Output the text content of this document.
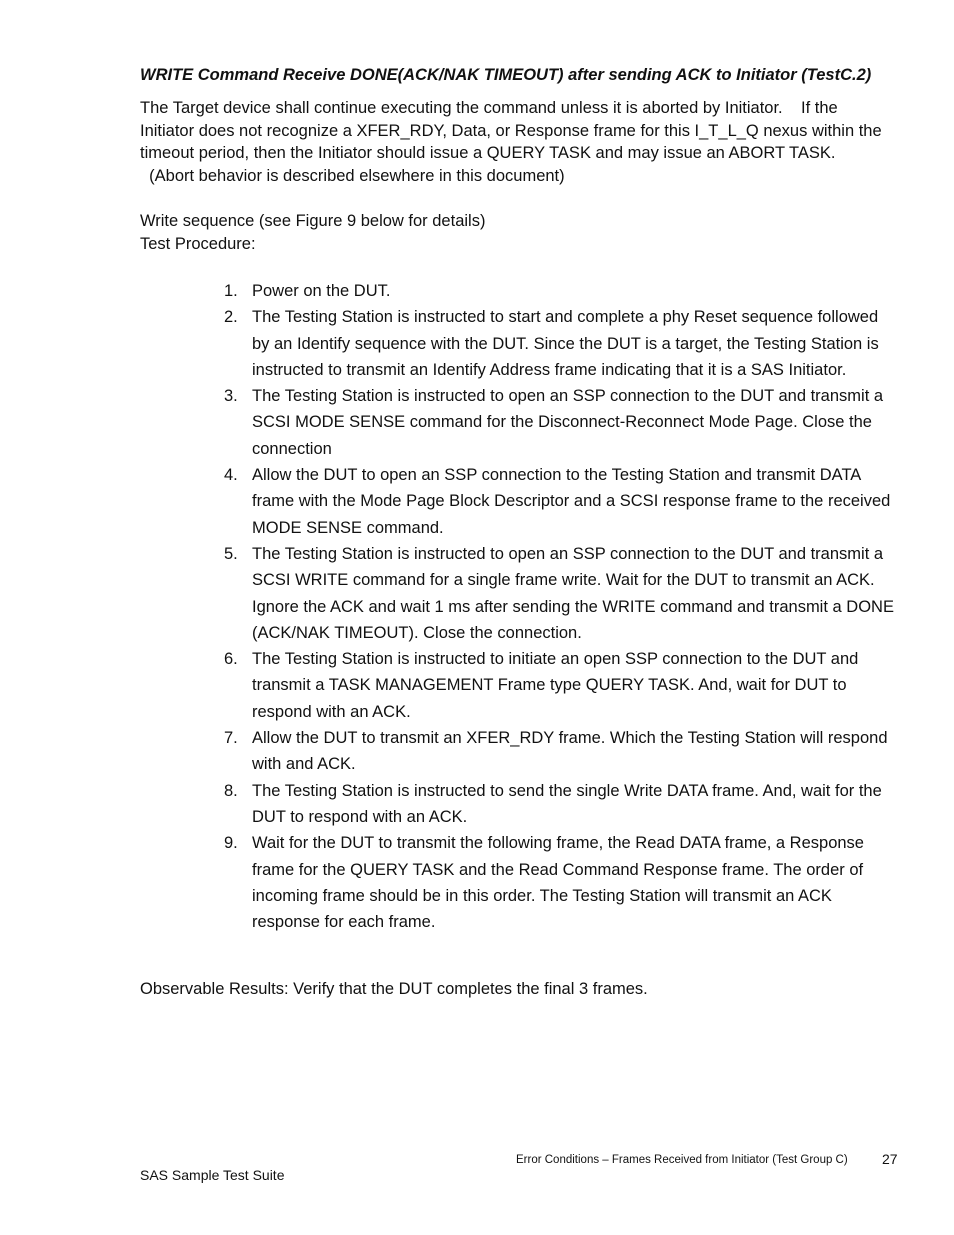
WRITE Command Receive DONE(ACK/NAK TIMEOUT) after sending ACK to Initiator (TestC.2)

The Target device shall continue executing the command unless it is aborted by Initiator.    If the
Initiator does not recognize a XFER_RDY, Data, or Response frame for this I_T_L_Q nexus within the
timeout period, then the Initiator should issue a QUERY TASK and may issue an ABORT TASK.
(Abort behavior is described elsewhere in this document)

Write sequence (see Figure 9 below for details)
Test Procedure:

1. Power on the DUT.
2. The Testing Station is instructed to start and complete a phy Reset sequence followed by an Identify sequence with the DUT. Since the DUT is a target, the Testing Station is instructed to transmit an Identify Address frame indicating that it is a SAS Initiator.
3. The Testing Station is instructed to open an SSP connection to the DUT and transmit a SCSI MODE SENSE command for the Disconnect-Reconnect Mode Page. Close the connection
4. Allow the DUT to open an SSP connection to the Testing Station and transmit DATA frame with the Mode Page Block Descriptor and a SCSI response frame to the received MODE SENSE command.
5. The Testing Station is instructed to open an SSP connection to the DUT and transmit a SCSI WRITE command for a single frame write. Wait for the DUT to transmit an ACK. Ignore the ACK and wait 1 ms after sending the WRITE command and transmit a DONE (ACK/NAK TIMEOUT). Close the connection.
6. The Testing Station is instructed to initiate an open SSP connection to the DUT and transmit a TASK MANAGEMENT Frame type QUERY TASK. And, wait for DUT to respond with an ACK.
7. Allow the DUT to transmit an XFER_RDY frame. Which the Testing Station will respond with and ACK.
8. The Testing Station is instructed to send the single Write DATA frame. And, wait for the DUT to respond with an ACK.
9. Wait for the DUT to transmit the following frame, the Read DATA frame, a Response frame for the QUERY TASK and the Read Command Response frame. The order of incoming frame should be in this order. The Testing Station will transmit an ACK response for each frame.

Observable Results: Verify that the DUT completes the final 3 frames.

Error Conditions – Frames Received from Initiator (Test Group C) 27
SAS Sample Test Suite
